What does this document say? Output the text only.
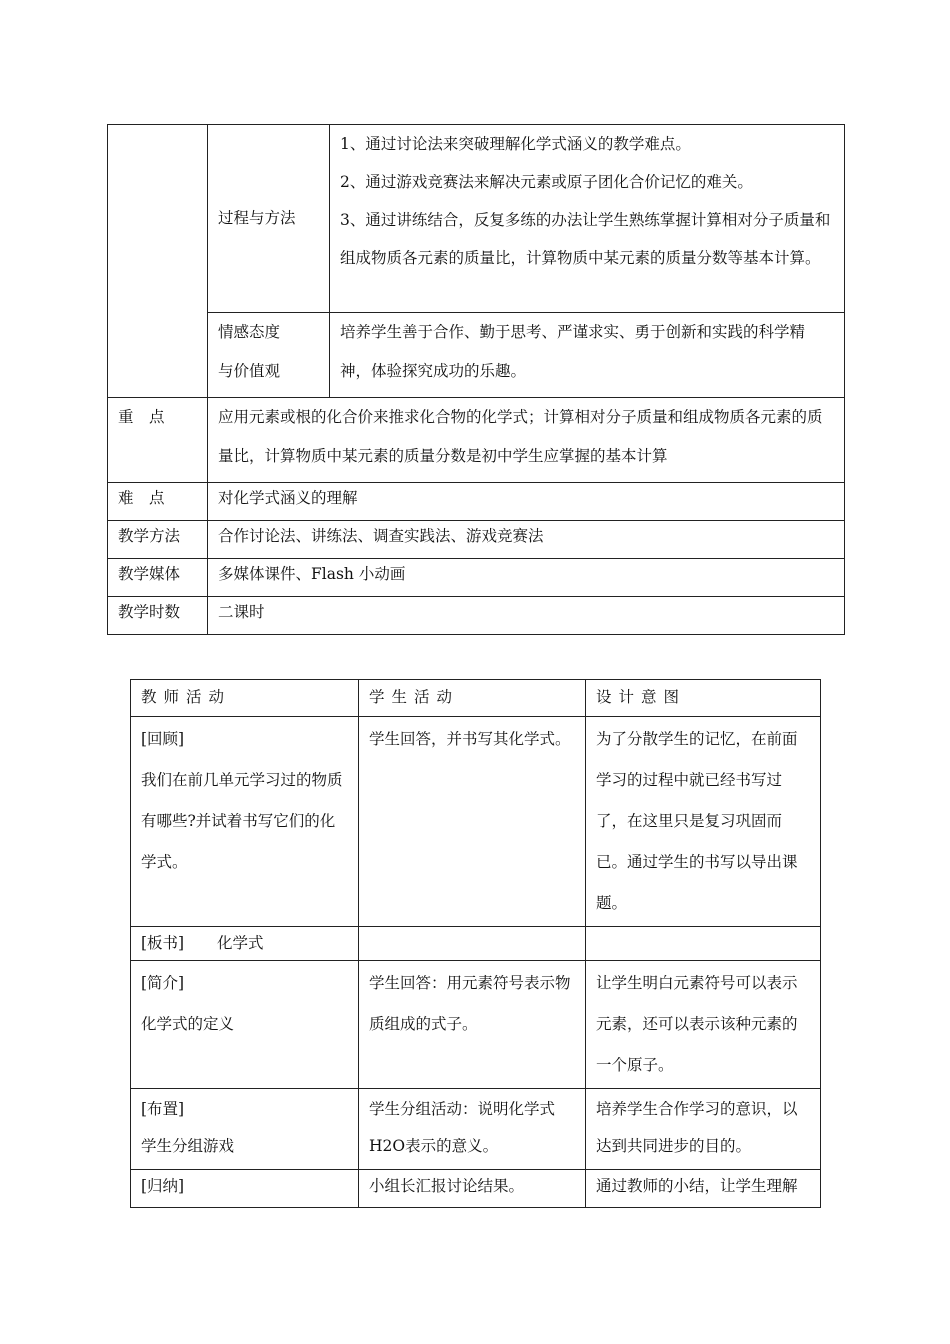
	过程与方法	1、通过讨论法来突破理解化学式涵义的教学难点。
2、通过游戏竞赛法来解决元素或原子团化合价记忆的难关。
3、通过讲练结合，反复多练的办法让学生熟练掌握计算相对分子质量和组成物质各元素的质量比，计算物质中某元素的质量分数等基本计算。

	情感态度
与价值观	培养学生善于合作、勤于思考、严谨求实、勇于创新和实践的科学精神，体验探究成功的乐趣。
重　点	应用元素或根的化合价来推求化合物的化学式；计算相对分子质量和组成物质各元素的质量比，计算物质中某元素的质量分数是初中学生应掌握的基本计算	
难　点	对化学式涵义的理解	
教学方法	合作讨论法、讲练法、调查实践法、游戏竞赛法	
教学媒体	多媒体课件、Flash 小动画	
教学时数	二课时	
教师活动	学生活动	设计意图

[回顾]
我们在前几单元学习过的物质有哪些?并试着书写它们的化学式。	学生回答，并书写其化学式。	为了分散学生的记忆，在前面学习的过程中就已经书写过了，在这里只是复习巩固而已。通过学生的书写以导出课题。
[板书] 化学式		

[简介]
化学式的定义	学生回答：用元素符号表示物质组成的式子。	让学生明白元素符号可以表示元素，还可以表示该种元素的一个原子。

[布置]
学生分组游戏	学生分组活动：说明化学式H2O表示的意义。	培养学生合作学习的意识，以达到共同进步的目的。
[归纳]	小组长汇报讨论结果。	通过教师的小结，让学生理解
